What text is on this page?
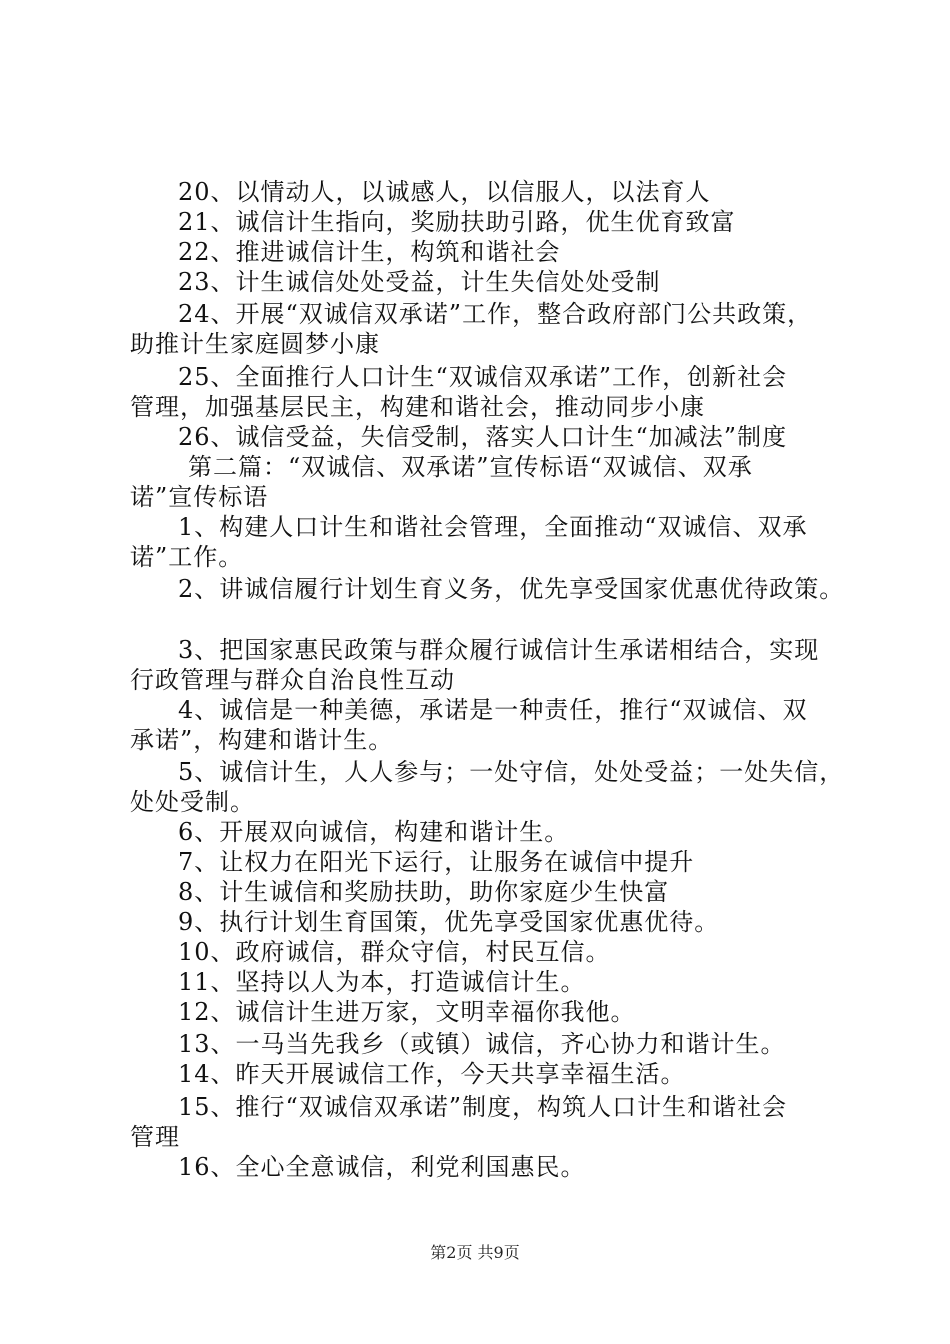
20、以情动人，以诚感人，以信服人，以法育人
21、诚信计生指向，奖励扶助引路，优生优育致富
22、推进诚信计生，构筑和谐社会
23、计生诚信处处受益，计生失信处处受制
24、开展“双诚信双承诺”工作，整合政府部门公共政策，
助推计生家庭圆梦小康
25、全面推行人口计生“双诚信双承诺”工作，创新社会
管理，加强基层民主，构建和谐社会，推动同步小康
26、诚信受益，失信受制，落实人口计生“加减法”制度
第二篇：“双诚信、双承诺”宣传标语“双诚信、双承
诺”宣传标语
1、构建人口计生和谐社会管理，全面推动“双诚信、双承
诺”工作。
2、讲诚信履行计划生育义务，优先享受国家优惠优待政策。
3、把国家惠民政策与群众履行诚信计生承诺相结合，实现
行政管理与群众自治良性互动
4、诚信是一种美德，承诺是一种责任，推行“双诚信、双
承诺”，构建和谐计生。
5、诚信计生，人人参与；一处守信，处处受益；一处失信，
处处受制。
6、开展双向诚信，构建和谐计生。
7、让权力在阳光下运行，让服务在诚信中提升
8、计生诚信和奖励扶助，助你家庭少生快富
9、执行计划生育国策，优先享受国家优惠优待。
10、政府诚信，群众守信，村民互信。
11、坚持以人为本，打造诚信计生。
12、诚信计生进万家，文明幸福你我他。
13、一马当先我乡（或镇）诚信，齐心协力和谐计生。
14、昨天开展诚信工作，今天共享幸福生活。
15、推行“双诚信双承诺”制度，构筑人口计生和谐社会
管理
16、全心全意诚信，利党利国惠民。
第2页 共9页
